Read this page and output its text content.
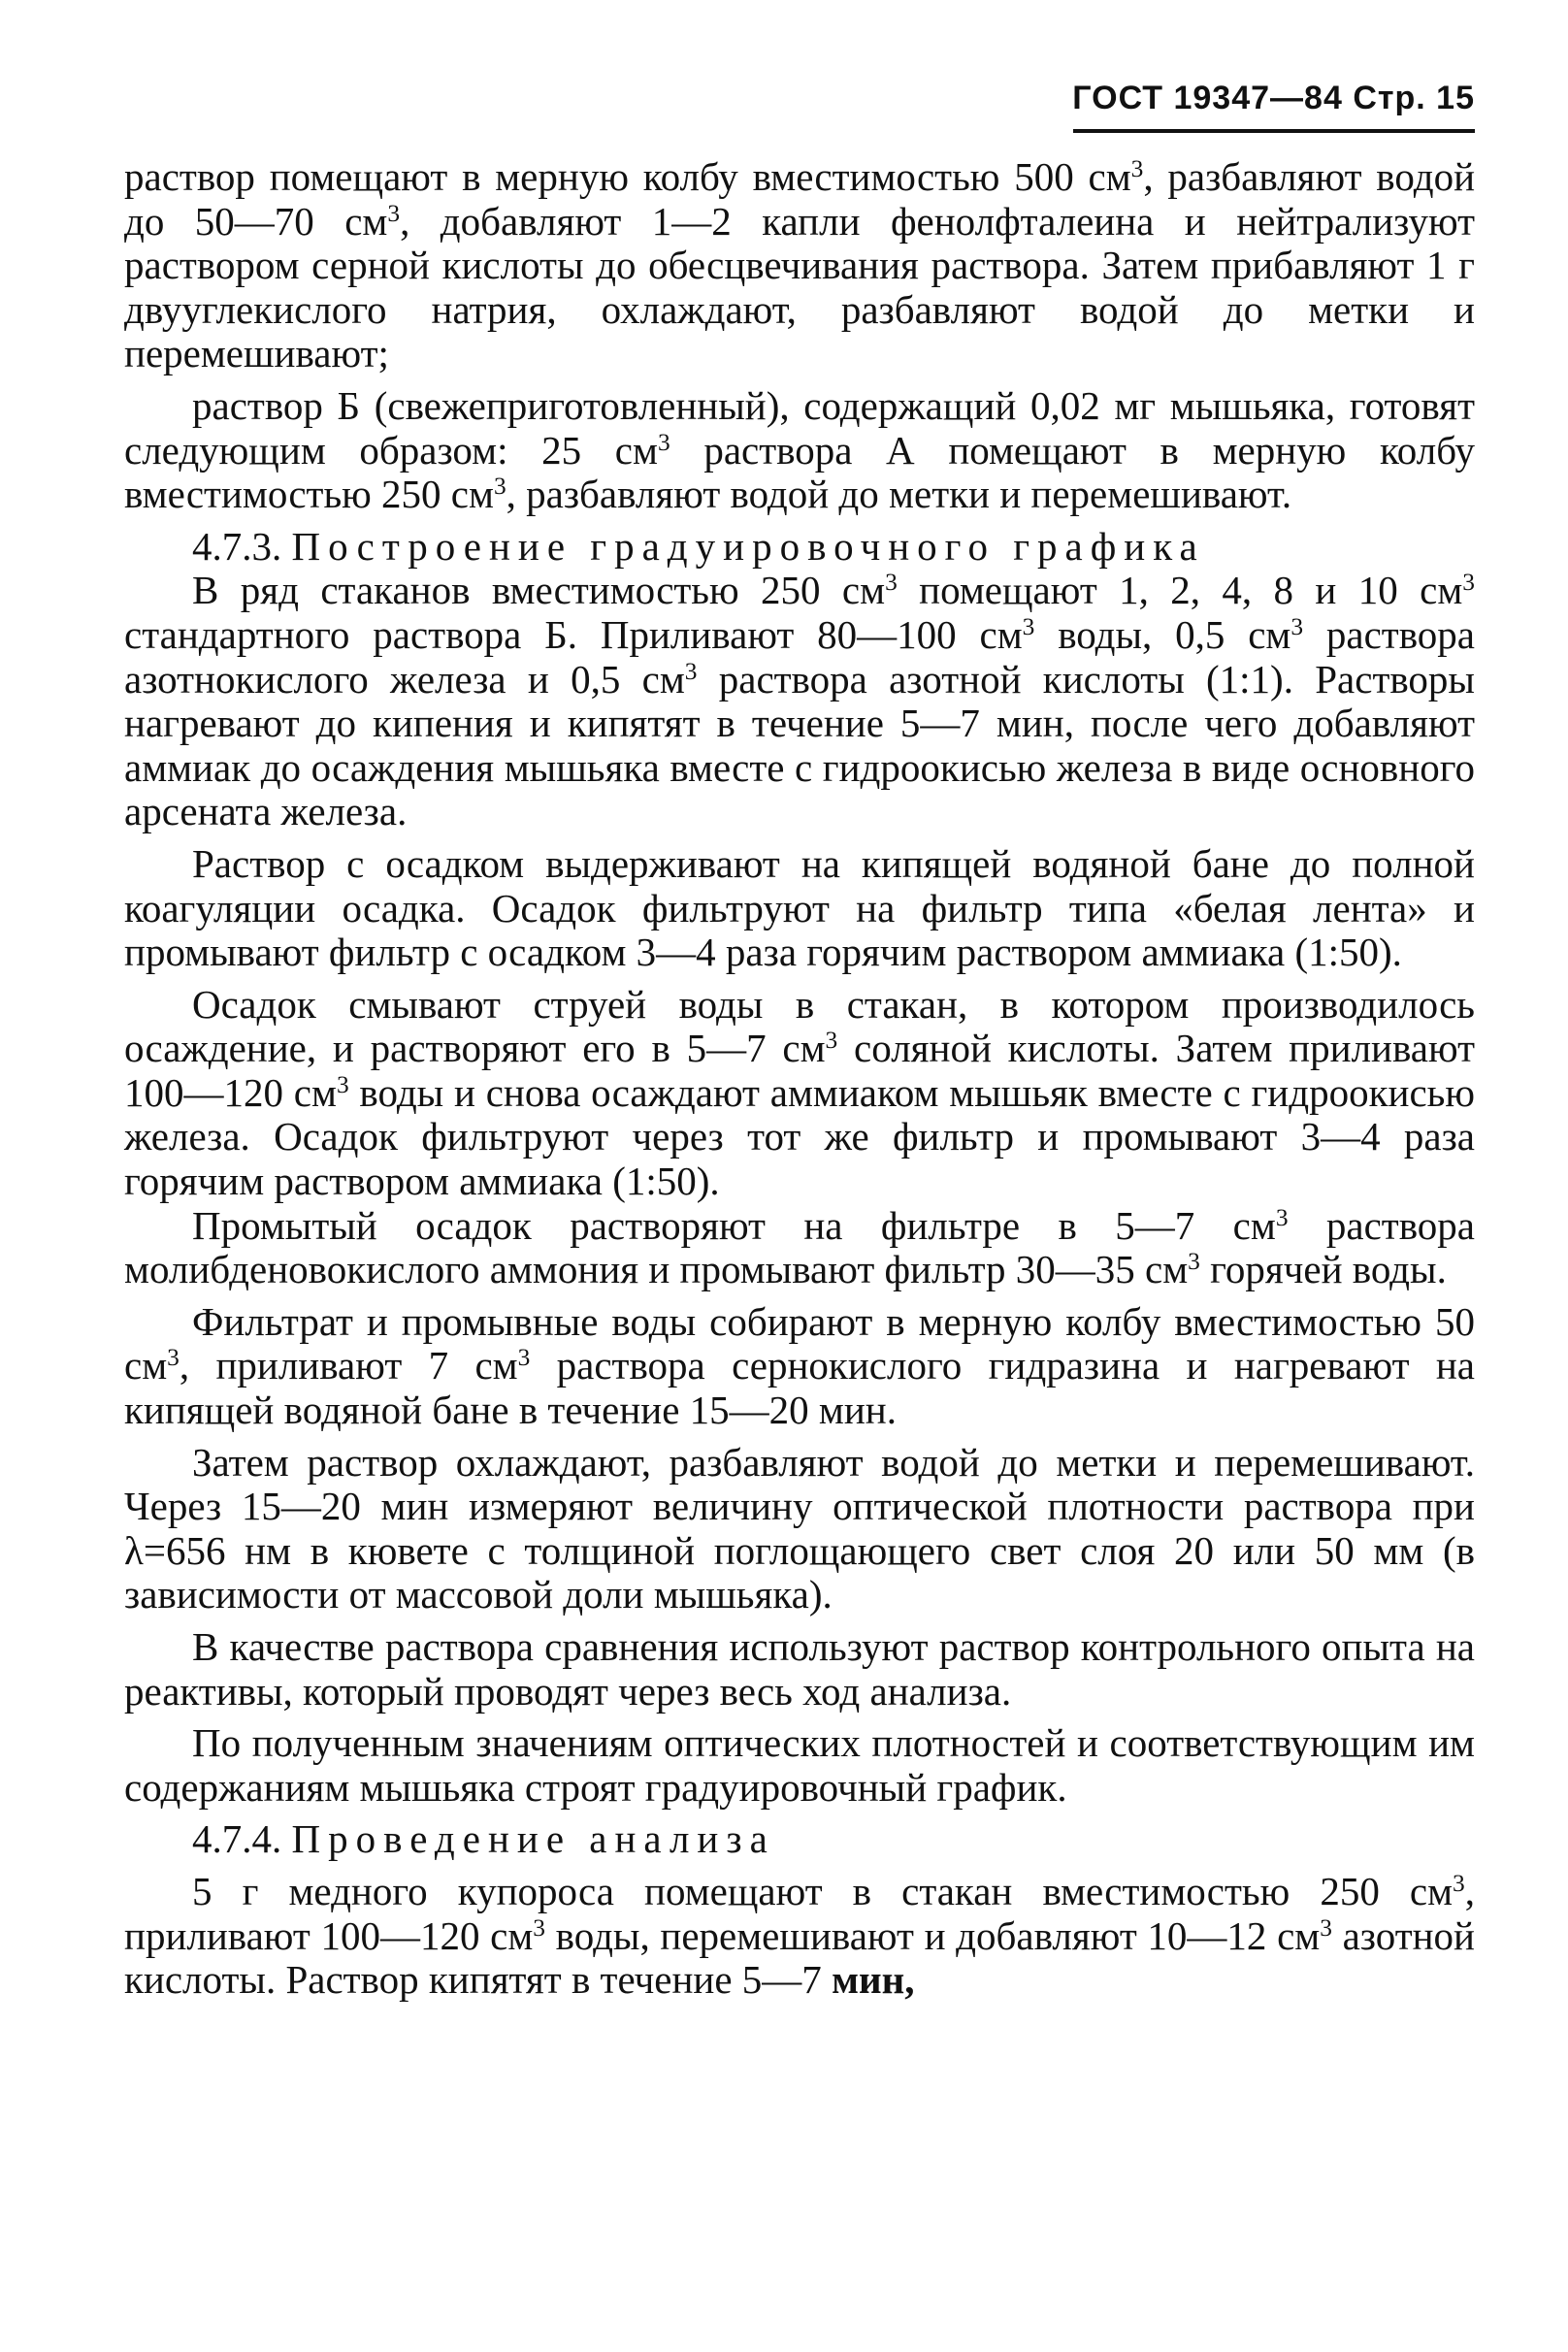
ГОСТ 19347—84 Стр. 15

раствор помещают в мерную колбу вместимостью 500 $см^3$, разбавляют водой до 50—70 $см^3$, добавляют 1—2 капли фенолфталеина и нейтрализуют раствором серной кислоты до обесцвечивания раствора. Затем прибавляют 1 г двууглекислого натрия, охлаждают, разбавляют водой до метки и перемешивают;

раствор Б (свежеприготовленный), содержащий 0,02 мг мышьяка, готовят следующим образом: 25 $см^3$ раствора А помещают в мерную колбу вместимостью 250 $см^3$, разбавляют водой до метки и перемешивают.

4.7.3. Построение градуировочного графика

В ряд стаканов вместимостью 250 $см^3$ помещают 1, 2, 4, 8 и 10 $см^3$ стандартного раствора Б. Приливают 80—100 $см^3$ воды, 0,5 $см^3$ раствора азотнокислого железа и 0,5 $см^3$ раствора азотной кислоты (1:1). Растворы нагревают до кипения и кипятят в течение 5—7 мин, после чего добавляют аммиак до осаждения мышьяка вместе с гидроокисью железа в виде основного арсената железа.

Раствор с осадком выдерживают на кипящей водяной бане до полной коагуляции осадка. Осадок фильтруют на фильтр типа «белая лента» и промывают фильтр с осадком 3—4 раза горячим раствором аммиака (1:50).

Осадок смывают струей воды в стакан, в котором производилось осаждение, и растворяют его в 5—7 $см^3$ соляной кислоты. Затем приливают 100—120 $см^3$ воды и снова осаждают аммиаком мышьяк вместе с гидроокисью железа. Осадок фильтруют через тот же фильтр и промывают 3—4 раза горячим раствором аммиака (1:50).

Промытый осадок растворяют на фильтре в 5—7 $см^3$ раствора молибденовокислого аммония и промывают фильтр 30—35 $см^3$ горячей воды.

Фильтрат и промывные воды собирают в мерную колбу вместимостью 50 $см^3$, приливают 7 $см^3$ раствора сернокислого гидразина и нагревают на кипящей водяной бане в течение 15—20 мин.

Затем раствор охлаждают, разбавляют водой до метки и перемешивают. Через 15—20 мин измеряют величину оптической плотности раствора при λ=656 нм в кювете с толщиной поглощающего свет слоя 20 или 50 мм (в зависимости от массовой доли мышьяка).

В качестве раствора сравнения используют раствор контрольного опыта на реактивы, который проводят через весь ход анализа.

По полученным значениям оптических плотностей и соответствующим им содержаниям мышьяка строят градуировочный график.

4.7.4. Проведение анализа

5 г медного купороса помещают в стакан вместимостью 250 $см^3$, приливают 100—120 $см^3$ воды, перемешивают и добавляют 10—12 $см^3$ азотной кислоты. Раствор кипятят в течение 5—7 мин,
